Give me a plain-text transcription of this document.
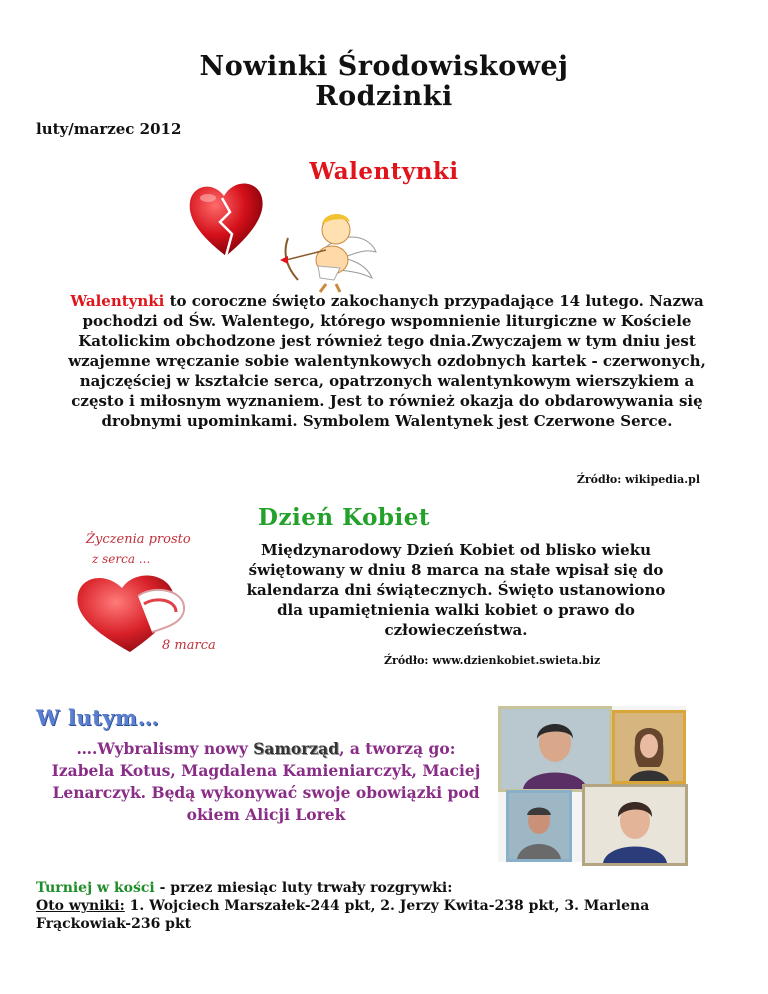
Nowinki Środowiskowej
Rodzinki
luty/marzec 2012
Walentynki
Walentynki to coroczne święto zakochanych przypadające 14 lutego. Nazwa pochodzi od Św. Walentego, którego wspomnienie liturgiczne w Kościele Katolickim obchodzone jest również tego dnia.Zwyczajem w tym dniu jest wzajemne wręczanie sobie walentynkowych ozdobnych kartek - czerwonych, najczęściej w kształcie serca, opatrzonych walentynkowym wierszykiem a często i miłosnym wyznaniem. Jest to również okazja do obdarowywania się drobnymi upominkami. Symbolem Walentynek jest Czerwone Serce.
Źródło: wikipedia.pl
Dzień Kobiet
Życzenia prosto
z serca ...
8 marca
Międzynarodowy Dzień Kobiet od blisko wieku świętowany w dniu 8 marca na stałe wpisał się do kalendarza dni świątecznych. Święto ustanowiono dla upamiętnienia walki kobiet o prawo do człowieczeństwa.
Źródło: www.dzienkobiet.swieta.biz
W lutym…
….Wybralismy nowy Samorząd, a tworzą go: Izabela Kotus, Magdalena Kamieniarczyk, Maciej Lenarczyk. Będą wykonywać swoje obowiązki pod okiem Alicji Lorek
Turniej w kości - przez miesiąc luty trwały rozgrywki:
Oto wyniki: 1. Wojciech Marszałek-244 pkt, 2. Jerzy Kwita-238 pkt, 3. Marlena Frąckowiak-236 pkt
